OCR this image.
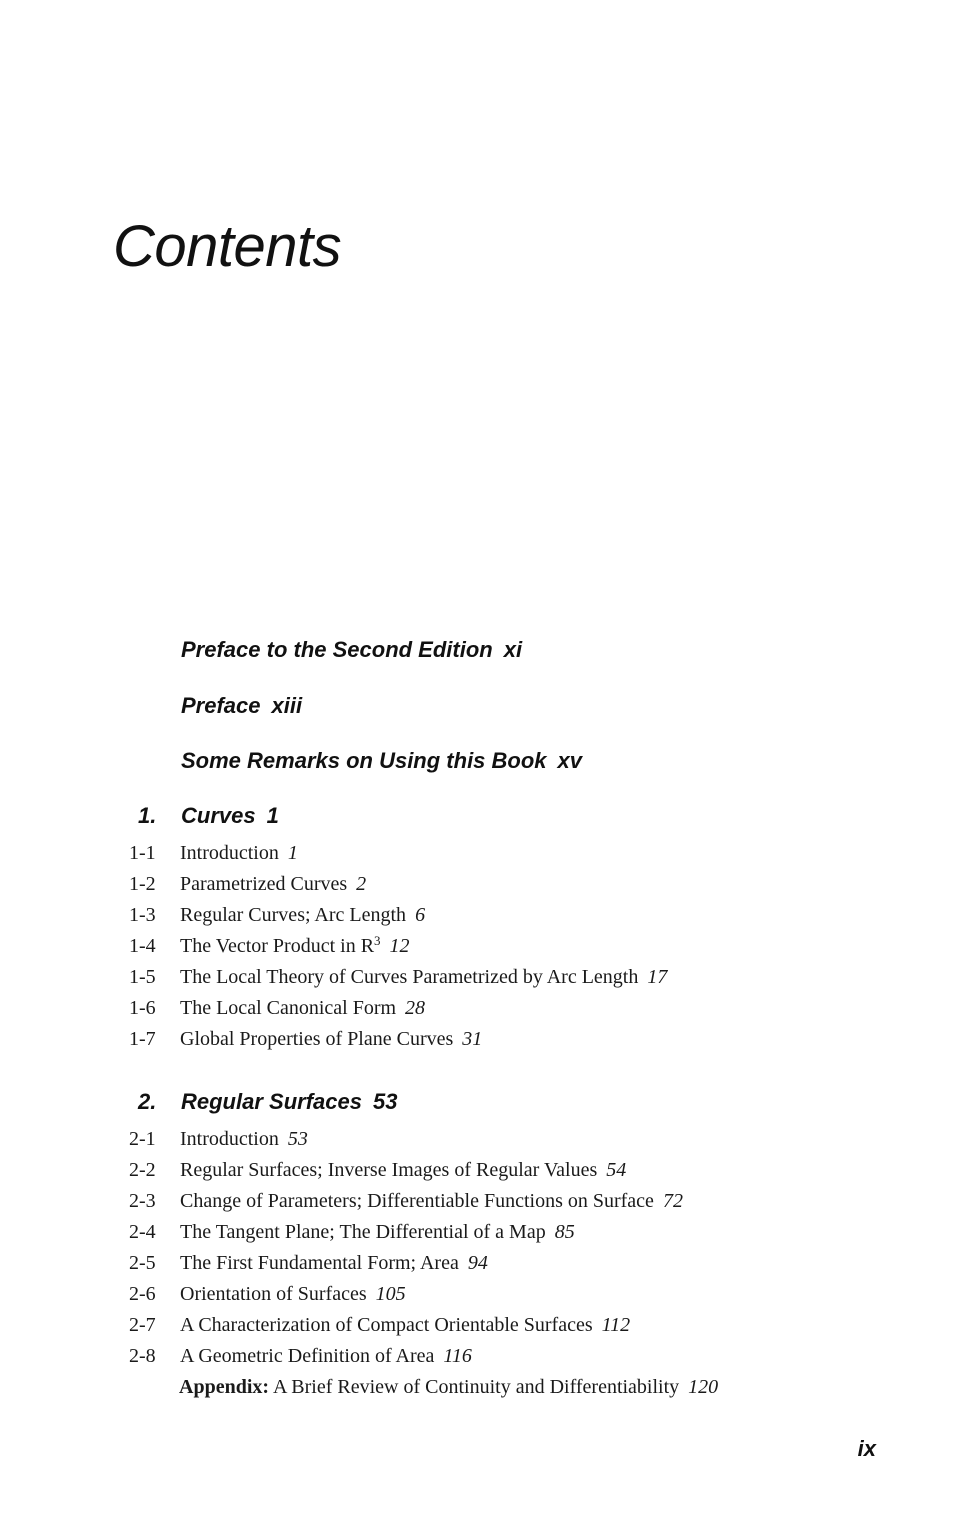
Contents
Preface to the Second Edition xi
Preface xiii
Some Remarks on Using this Book xv
1. Curves 1
1-1 Introduction 1
1-2 Parametrized Curves 2
1-3 Regular Curves; Arc Length 6
1-4 The Vector Product in $R^3$ 12
1-5 The Local Theory of Curves Parametrized by Arc Length 17
1-6 The Local Canonical Form 28
1-7 Global Properties of Plane Curves 31
2. Regular Surfaces 53
2-1 Introduction 53
2-2 Regular Surfaces; Inverse Images of Regular Values 54
2-3 Change of Parameters; Differentiable Functions on Surface 72
2-4 The Tangent Plane; The Differential of a Map 85
2-5 The First Fundamental Form; Area 94
2-6 Orientation of Surfaces 105
2-7 A Characterization of Compact Orientable Surfaces 112
2-8 A Geometric Definition of Area 116
Appendix: A Brief Review of Continuity and Differentiability 120
ix
